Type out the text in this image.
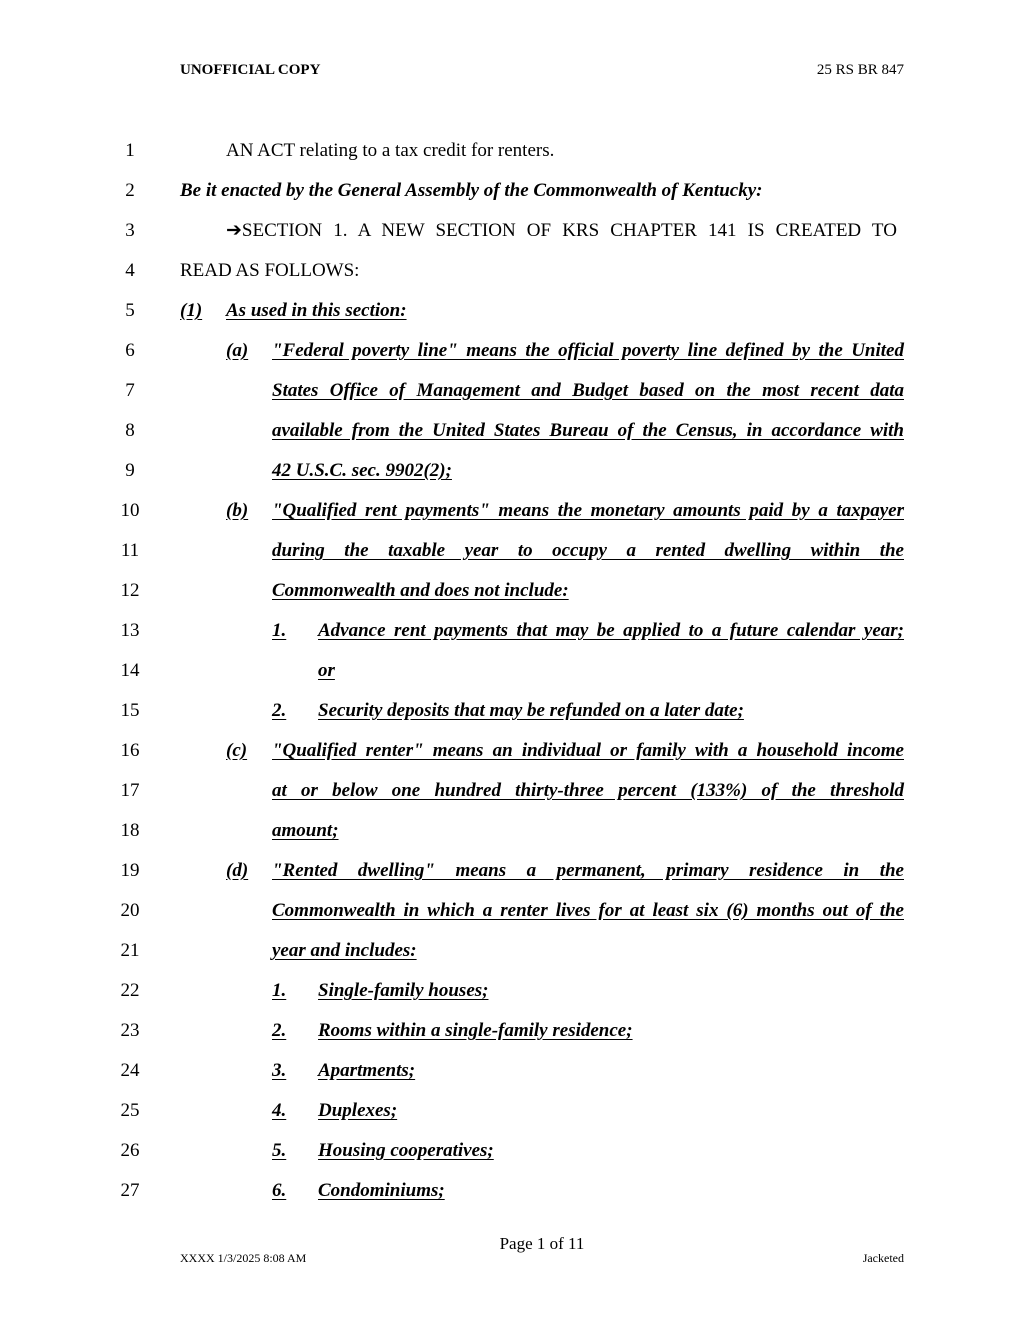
UNOFFICIAL COPY	25 RS BR 847
1
2
3
4
5
6
7
8
9
10
11
12
13
14
15
16
17
18
19
20
21
22
23
24
25
26
27
AN ACT relating to a tax credit for renters.
Be it enacted by the General Assembly of the Commonwealth of Kentucky:
➔SECTION 1. A NEW SECTION OF KRS CHAPTER 141 IS CREATED TO
READ AS FOLLOWS:
(1) As used in this section:
(a) "Federal poverty line" means the official poverty line defined by the United
States Office of Management and Budget based on the most recent data
available from the United States Bureau of the Census, in accordance with
42 U.S.C. sec. 9902(2);
(b) "Qualified rent payments" means the monetary amounts paid by a taxpayer
during the taxable year to occupy a rented dwelling within the
Commonwealth and does not include:
1. Advance rent payments that may be applied to a future calendar year;
or
2. Security deposits that may be refunded on a later date;
(c) "Qualified renter" means an individual or family with a household income
at or below one hundred thirty-three percent (133%) of the threshold
amount;
(d) "Rented dwelling" means a permanent, primary residence in the
Commonwealth in which a renter lives for at least six (6) months out of the
year and includes:
1. Single-family houses;
2. Rooms within a single-family residence;
3. Apartments;
4. Duplexes;
5. Housing cooperatives;
6. Condominiums;
Page 1 of 11
XXXX 1/3/2025 8:08 AM	Jacketed
